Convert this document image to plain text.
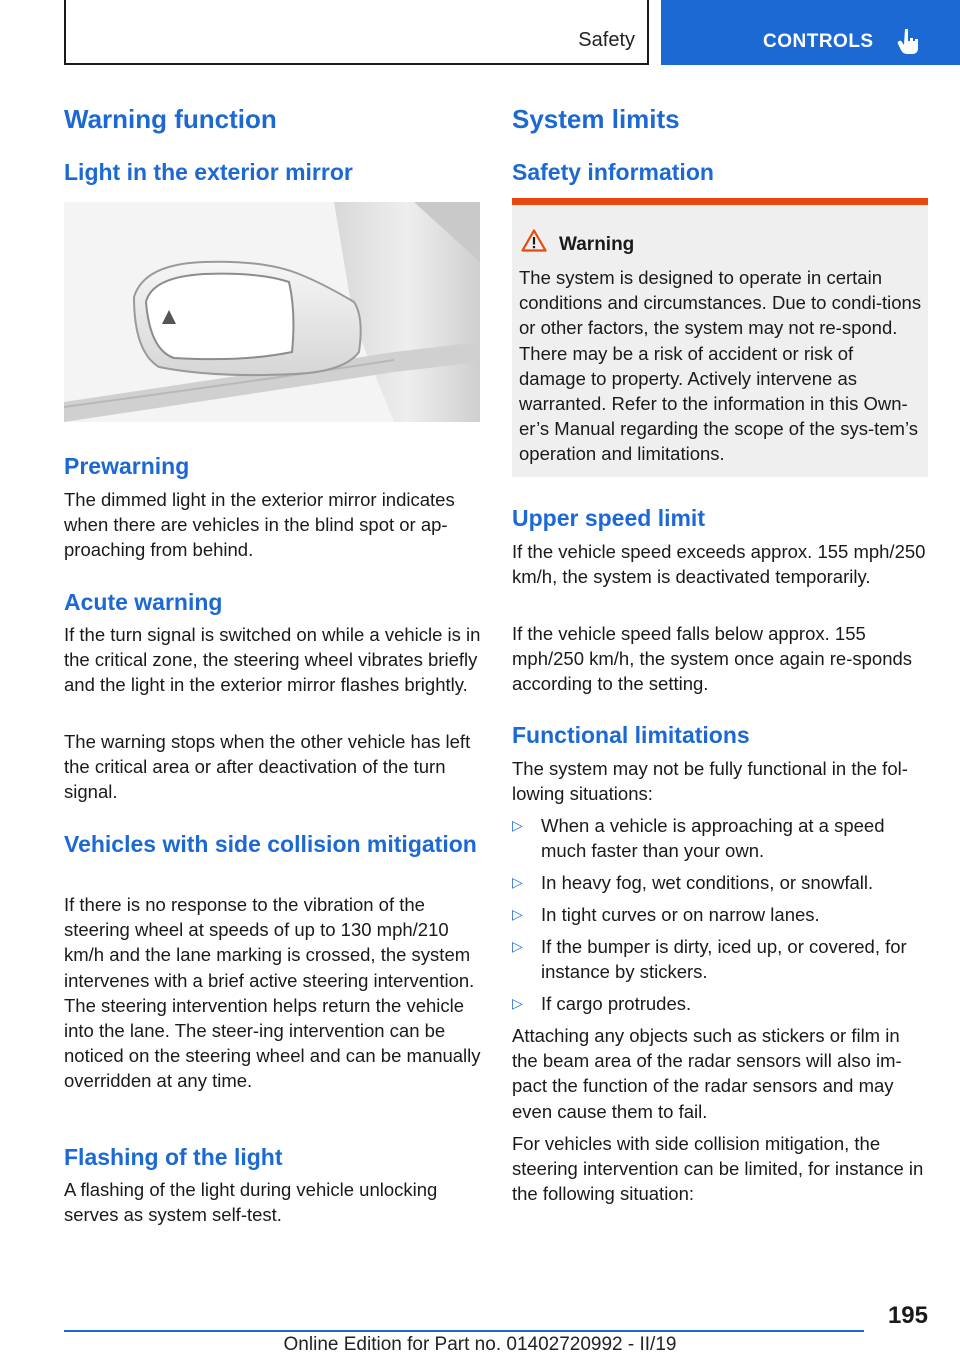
Safety	CONTROLS
Warning function
Light in the exterior mirror
Prewarning
The dimmed light in the exterior mirror indicates when there are vehicles in the blind spot or ap‐proaching from behind.
Acute warning
If the turn signal is switched on while a vehicle is in the critical zone, the steering wheel vibrates briefly and the light in the exterior mirror flashes brightly.
The warning stops when the other vehicle has left the critical area or after deactivation of the turn signal.
Vehicles with side collision mitigation
If there is no response to the vibration of the steering wheel at speeds of up to 130 mph/210 km/h and the lane marking is crossed, the system intervenes with a brief active steering intervention. The steering intervention helps return the vehicle into the lane. The steer‐ing intervention can be noticed on the steering wheel and can be manually overridden at any time.
Flashing of the light
A flashing of the light during vehicle unlocking serves as system self-test.
System limits
Safety information
Warning
The system is designed to operate in certain conditions and circumstances. Due to condi‐tions or other factors, the system may not re‐spond. There may be a risk of accident or risk of damage to property. Actively intervene as warranted. Refer to the information in this Own‐er’s Manual regarding the scope of the sys‐tem’s operation and limitations.
Upper speed limit
If the vehicle speed exceeds approx. 155 mph/250 km/h, the system is deactivated temporarily.
If the vehicle speed falls below approx. 155 mph/250 km/h, the system once again re‐sponds according to the setting.
Functional limitations
The system may not be fully functional in the fol‐lowing situations:
▷ When a vehicle is approaching at a speed much faster than your own.
▷ In heavy fog, wet conditions, or snowfall.
▷ In tight curves or on narrow lanes.
▷ If the bumper is dirty, iced up, or covered, for instance by stickers.
▷ If cargo protrudes.
Attaching any objects such as stickers or film in the beam area of the radar sensors will also im‐pact the function of the radar sensors and may even cause them to fail.
For vehicles with side collision mitigation, the steering intervention can be limited, for instance in the following situation:
195
Online Edition for Part no. 01402720992 - II/19
